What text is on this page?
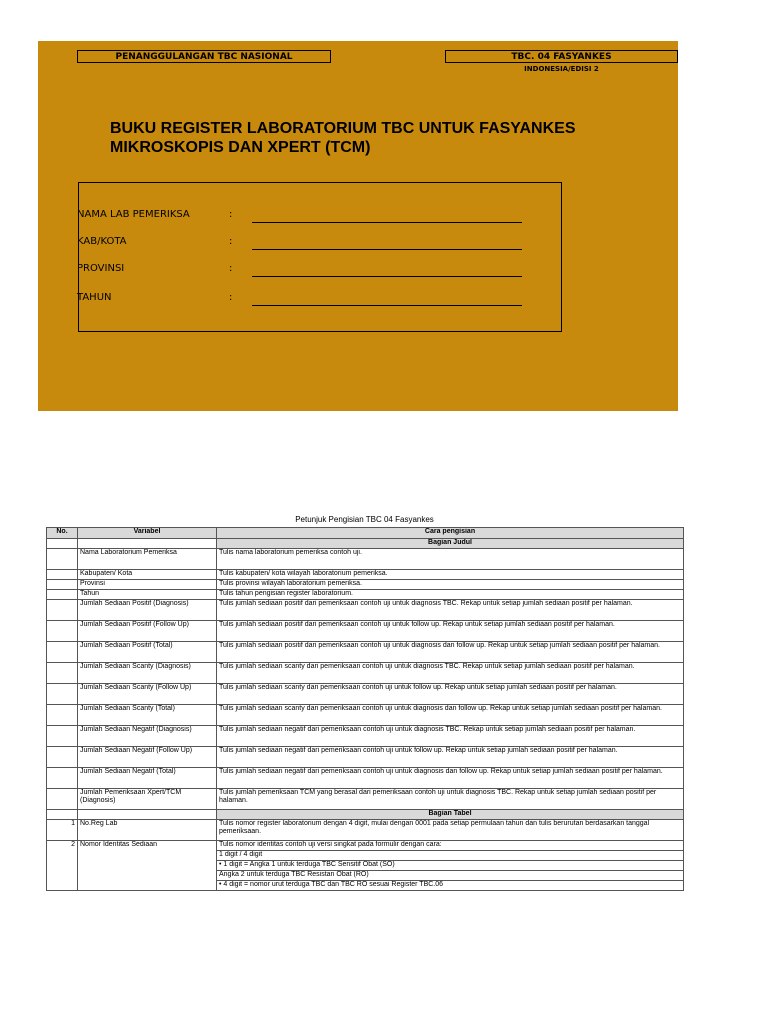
PENANGGULANGAN TBC NASIONAL	TBC. 04 FASYANKES
INDONESIA/EDISI 2
BUKU REGISTER LABORATORIUM TBC UNTUK FASYANKES MIKROSKOPIS DAN XPERT (TCM)
NAMA LAB PEMERIKSA	:
KAB/KOTA	:
PROVINSI	:
TAHUN	:
Petunjuk Pengisian TBC 04 Fasyankes
No.	Variabel	Cara pengisian
		Bagian Judul
	Nama Laboratorium Pemeriksa	Tulis nama laboratorium pemeriksa contoh uji.
	Kabupaten/ Kota	Tulis kabupaten/ kota wilayah laboratorium pemeriksa.
	Provinsi	Tulis provinsi wilayah laboratorium pemeriksa.
	Tahun	Tulis tahun pengisian register laboratorium.
	Jumlah Sediaan Positif (Diagnosis)	Tulis jumlah sediaan positif dari pemeriksaan contoh uji untuk diagnosis TBC. Rekap untuk setiap jumlah sediaan positif per halaman.
	Jumlah Sediaan Positif (Follow Up)	Tulis jumlah sediaan positif dari pemeriksaan contoh uji untuk follow up. Rekap untuk setiap jumlah sediaan positif per halaman.
	Jumlah Sediaan Positif (Total)	Tulis jumlah sediaan positif dari pemeriksaan contoh uji untuk diagnosis dan follow up. Rekap untuk setiap jumlah sediaan positif per halaman.
	Jumlah Sediaan Scanty (Diagnosis)	Tulis jumlah sediaan scanty dari pemeriksaan contoh uji untuk diagnosis TBC. Rekap untuk setiap jumlah sediaan positif per halaman.
	Jumlah Sediaan Scanty (Follow Up)	Tulis jumlah sediaan scanty dari pemeriksaan contoh uji untuk follow up. Rekap untuk setiap jumlah sediaan positif per halaman.
	Jumlah Sediaan Scanty (Total)	Tulis jumlah sediaan scanty dari pemeriksaan contoh uji untuk diagnosis dan follow up. Rekap untuk setiap jumlah sediaan positif per halaman.
	Jumlah Sediaan Negatif (Diagnosis)	Tulis jumlah sediaan negatif dari pemeriksaan contoh uji untuk diagnosis TBC. Rekap untuk setiap jumlah sediaan positif per halaman.
	Jumlah Sediaan Negatif (Follow Up)	Tulis jumlah sediaan negatif dari pemeriksaan contoh uji untuk follow up. Rekap untuk setiap jumlah sediaan positif per halaman.
	Jumlah Sediaan Negatif (Total)	Tulis jumlah sediaan negatif dari pemeriksaan contoh uji untuk diagnosis dan follow up. Rekap untuk setiap jumlah sediaan positif per halaman.
	Jumlah Pemeriksaan Xpert/TCM (Diagnosis)	Tulis jumlah pemeriksaan TCM yang berasal dari pemeriksaan contoh uji untuk diagnosis TBC. Rekap untuk setiap jumlah sediaan positif per halaman.
		Bagian Tabel
1	No.Reg Lab	Tulis nomor register laboratorium dengan 4 digit, mulai dengan 0001 pada setiap permulaan tahun dan tulis berurutan berdasarkan tanggal pemeriksaan.
2	Nomor Identitas Sediaan	Tulis nomor identitas contoh uji versi singkat pada formulir dengan cara:
		1 digit / 4 digit
		• 1 digit = Angka 1 untuk terduga TBC Sensitif Obat (SO)
		Angka 2 untuk terduga TBC Resistan Obat (RO)
		• 4 digit = nomor urut terduga TBC dan TBC RO sesuai Register TBC.06
